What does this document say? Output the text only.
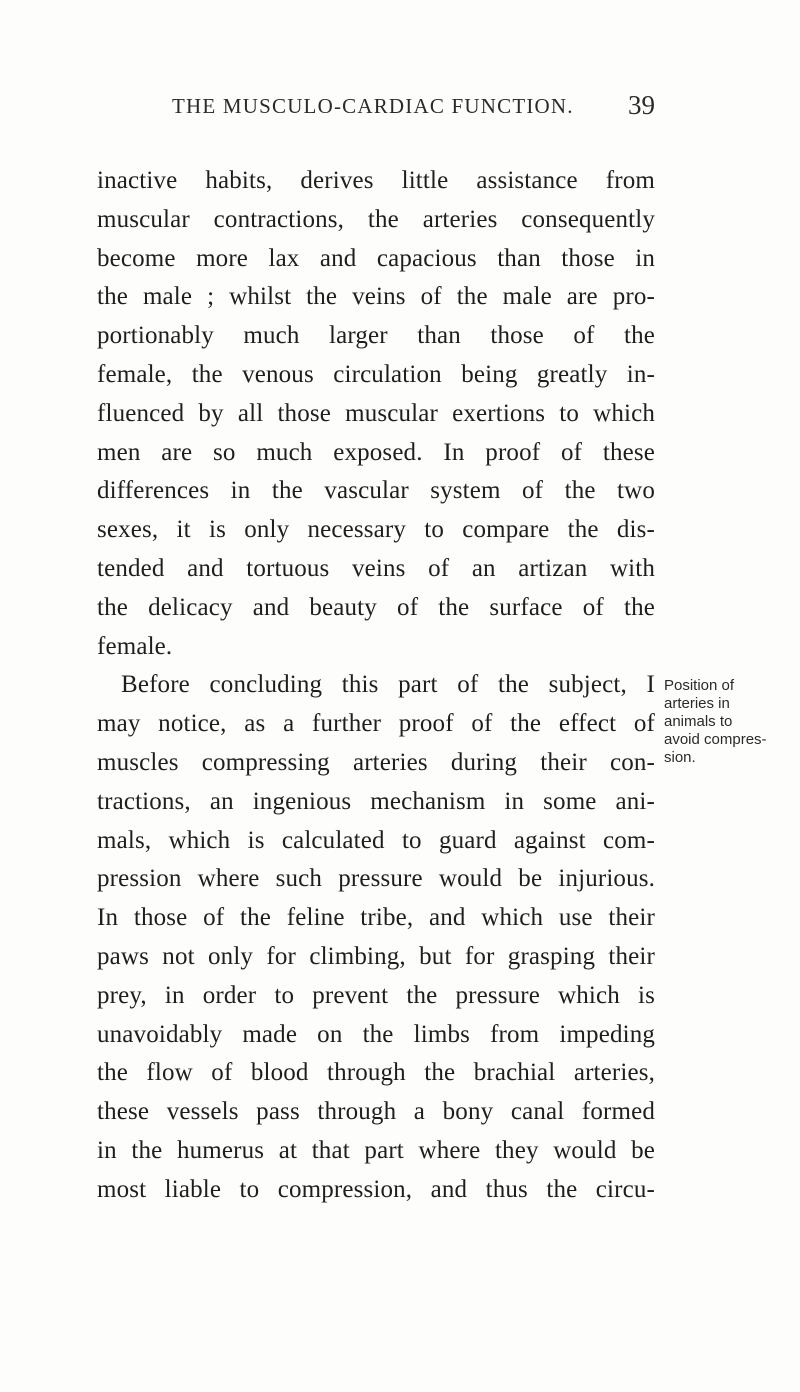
THE MUSCULO-CARDIAC FUNCTION. 39
inactive habits, derives little assistance from
muscular contractions, the arteries consequently
become more lax and capacious than those in
the male ; whilst the veins of the male are pro-
portionably much larger than those of the
female, the venous circulation being greatly in-
fluenced by all those muscular exertions to which
men are so much exposed. In proof of these
differences in the vascular system of the two
sexes, it is only necessary to compare the dis-
tended and tortuous veins of an artizan with
the delicacy and beauty of the surface of the
female.
Before concluding this part of the subject, I
may notice, as a further proof of the effect of
muscles compressing arteries during their con-
tractions, an ingenious mechanism in some ani-
mals, which is calculated to guard against com-
pression where such pressure would be injurious.
In those of the feline tribe, and which use their
paws not only for climbing, but for grasping their
prey, in order to prevent the pressure which is
unavoidably made on the limbs from impeding
the flow of blood through the brachial arteries,
these vessels pass through a bony canal formed
in the humerus at that part where they would be
most liable to compression, and thus the circu-
Position of
arteries in
animals to
avoid compres-
sion.
